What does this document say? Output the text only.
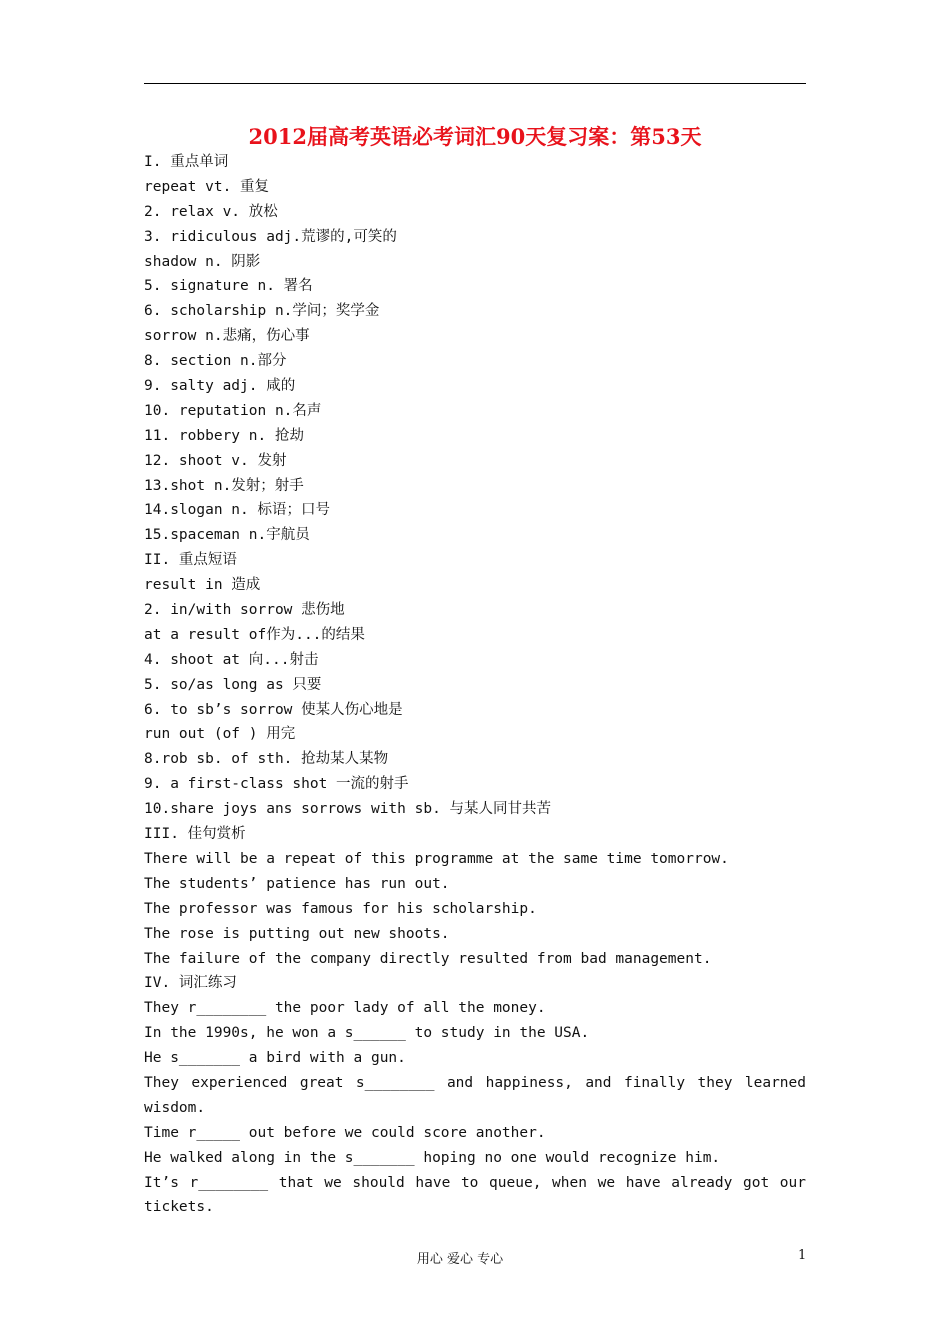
2012届高考英语必考词汇90天复习案：第53天
I. 重点单词
repeat vt. 重复
2. relax v. 放松
3. ridiculous adj.荒谬的,可笑的
shadow n. 阴影
5. signature n. 署名
6. scholarship n.学问；奖学金
sorrow n.悲痛，伤心事
8. section n.部分
9. salty adj. 咸的
10. reputation n.名声
11. robbery n. 抢劫
12. shoot v. 发射
13.shot n.发射；射手
14.slogan n. 标语；口号
15.spaceman n.宇航员
II. 重点短语
result in 造成
2. in/with sorrow 悲伤地
at a result of作为...的结果
4. shoot at 向...射击
5. so/as long as 只要
6. to sb’s sorrow 使某人伤心地是
run out (of ) 用完
8.rob sb. of sth. 抢劫某人某物
9. a first-class shot 一流的射手
10.share joys ans sorrows with sb. 与某人同甘共苦
III. 佳句赏析
There will be a repeat of this programme at the same time tomorrow.
The students’ patience has run out.
The professor was famous for his scholarship.
The rose is putting out new shoots.
The failure of the company directly resulted from bad management.
IV. 词汇练习
They r________ the poor lady of all the money.
In the 1990s, he won a s______ to study in the USA.
He s_______ a bird with a gun.
They experienced great s________ and happiness, and finally they learned
wisdom.
Time r_____ out before we could score another.
He walked along in the s_______ hoping no one would recognize him.
It’s r________ that we should have to queue, when we have already got our
tickets.
用心 爱心 专心	1
